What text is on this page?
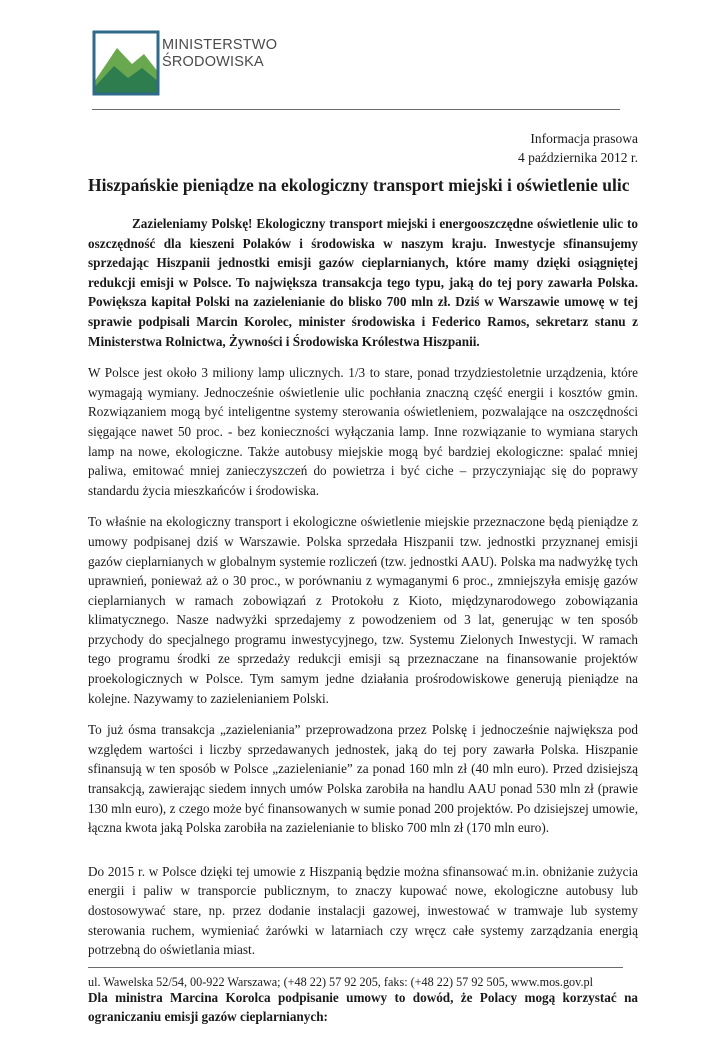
MINISTERSTWO
ŚRODOWISKA
Informacja prasowa
4 października 2012 r.
Hiszpańskie pieniądze na ekologiczny transport miejski i oświetlenie ulic

Zazieleniamy Polskę! Ekologiczny transport miejski i energooszczędne oświetlenie ulic to oszczędność dla kieszeni Polaków i środowiska w naszym kraju. Inwestycje sfinansujemy sprzedając Hiszpanii jednostki emisji gazów cieplarnianych, które mamy dzięki osiągniętej redukcji emisji w Polsce. To największa transakcja tego typu, jaką do tej pory zawarła Polska. Powiększa kapitał Polski na zazielenianie do blisko 700 mln zł. Dziś w Warszawie umowę w tej sprawie podpisali Marcin Korolec, minister środowiska i Federico Ramos, sekretarz stanu z Ministerstwa Rolnictwa, Żywności i Środowiska Królestwa Hiszpanii.

W Polsce jest około 3 miliony lamp ulicznych. 1/3 to stare, ponad trzydziestoletnie urządzenia, które wymagają wymiany. Jednocześnie oświetlenie ulic pochłania znaczną część energii i kosztów gmin. Rozwiązaniem mogą być inteligentne systemy sterowania oświetleniem, pozwalające na oszczędności sięgające nawet 50 proc. - bez konieczności wyłączania lamp. Inne rozwiązanie to wymiana starych lamp na nowe, ekologiczne. Także autobusy miejskie mogą być bardziej ekologiczne: spalać mniej paliwa, emitować mniej zanieczyszczeń do powietrza i być ciche – przyczyniając się do poprawy standardu życia mieszkańców i środowiska.

To właśnie na ekologiczny transport i ekologiczne oświetlenie miejskie przeznaczone będą pieniądze z umowy podpisanej dziś w Warszawie. Polska sprzedała Hiszpanii tzw. jednostki przyznanej emisji gazów cieplarnianych w globalnym systemie rozliczeń (tzw. jednostki AAU). Polska ma nadwyżkę tych uprawnień, ponieważ aż o 30 proc., w porównaniu z wymaganymi 6 proc., zmniejszyła emisję gazów cieplarnianych w ramach zobowiązań z Protokołu z Kioto, międzynarodowego zobowiązania klimatycznego. Nasze nadwyżki sprzedajemy z powodzeniem od 3 lat, generując w ten sposób przychody do specjalnego programu inwestycyjnego, tzw. Systemu Zielonych Inwestycji. W ramach tego programu środki ze sprzedaży redukcji emisji są przeznaczane na finansowanie projektów proekologicznych w Polsce. Tym samym jedne działania prośrodowiskowe generują pieniądze na kolejne. Nazywamy to zazielenianiem Polski.

To już ósma transakcja „zazieleniania” przeprowadzona przez Polskę i jednocześnie największa pod względem wartości i liczby sprzedawanych jednostek, jaką do tej pory zawarła Polska. Hiszpanie sfinansują w ten sposób w Polsce „zazielenianie” za ponad 160 mln zł (40 mln euro). Przed dzisiejszą transakcją, zawierając siedem innych umów Polska zarobiła na handlu AAU ponad 530 mln zł (prawie 130 mln euro), z czego może być finansowanych w sumie ponad 200 projektów. Po dzisiejszej umowie, łączna kwota jaką Polska zarobiła na zazielenianie to blisko 700 mln zł (170 mln euro).

Do 2015 r. w Polsce dzięki tej umowie z Hiszpanią będzie można sfinansować m.in. obniżanie zużycia energii i paliw w transporcie publicznym, to znaczy kupować nowe, ekologiczne autobusy lub dostosowywać stare, np. przez dodanie instalacji gazowej, inwestować w tramwaje lub systemy sterowania ruchem, wymieniać żarówki w latarniach czy wręcz całe systemy zarządzania energią potrzebną do oświetlania miast.

Dla ministra Marcina Korolca podpisanie umowy to dowód, że Polacy mogą korzystać na ograniczaniu emisji gazów cieplarnianych:

ul. Wawelska 52/54, 00-922 Warszawa; (+48 22) 57 92 205, faks: (+48 22) 57 92 505, www.mos.gov.pl
